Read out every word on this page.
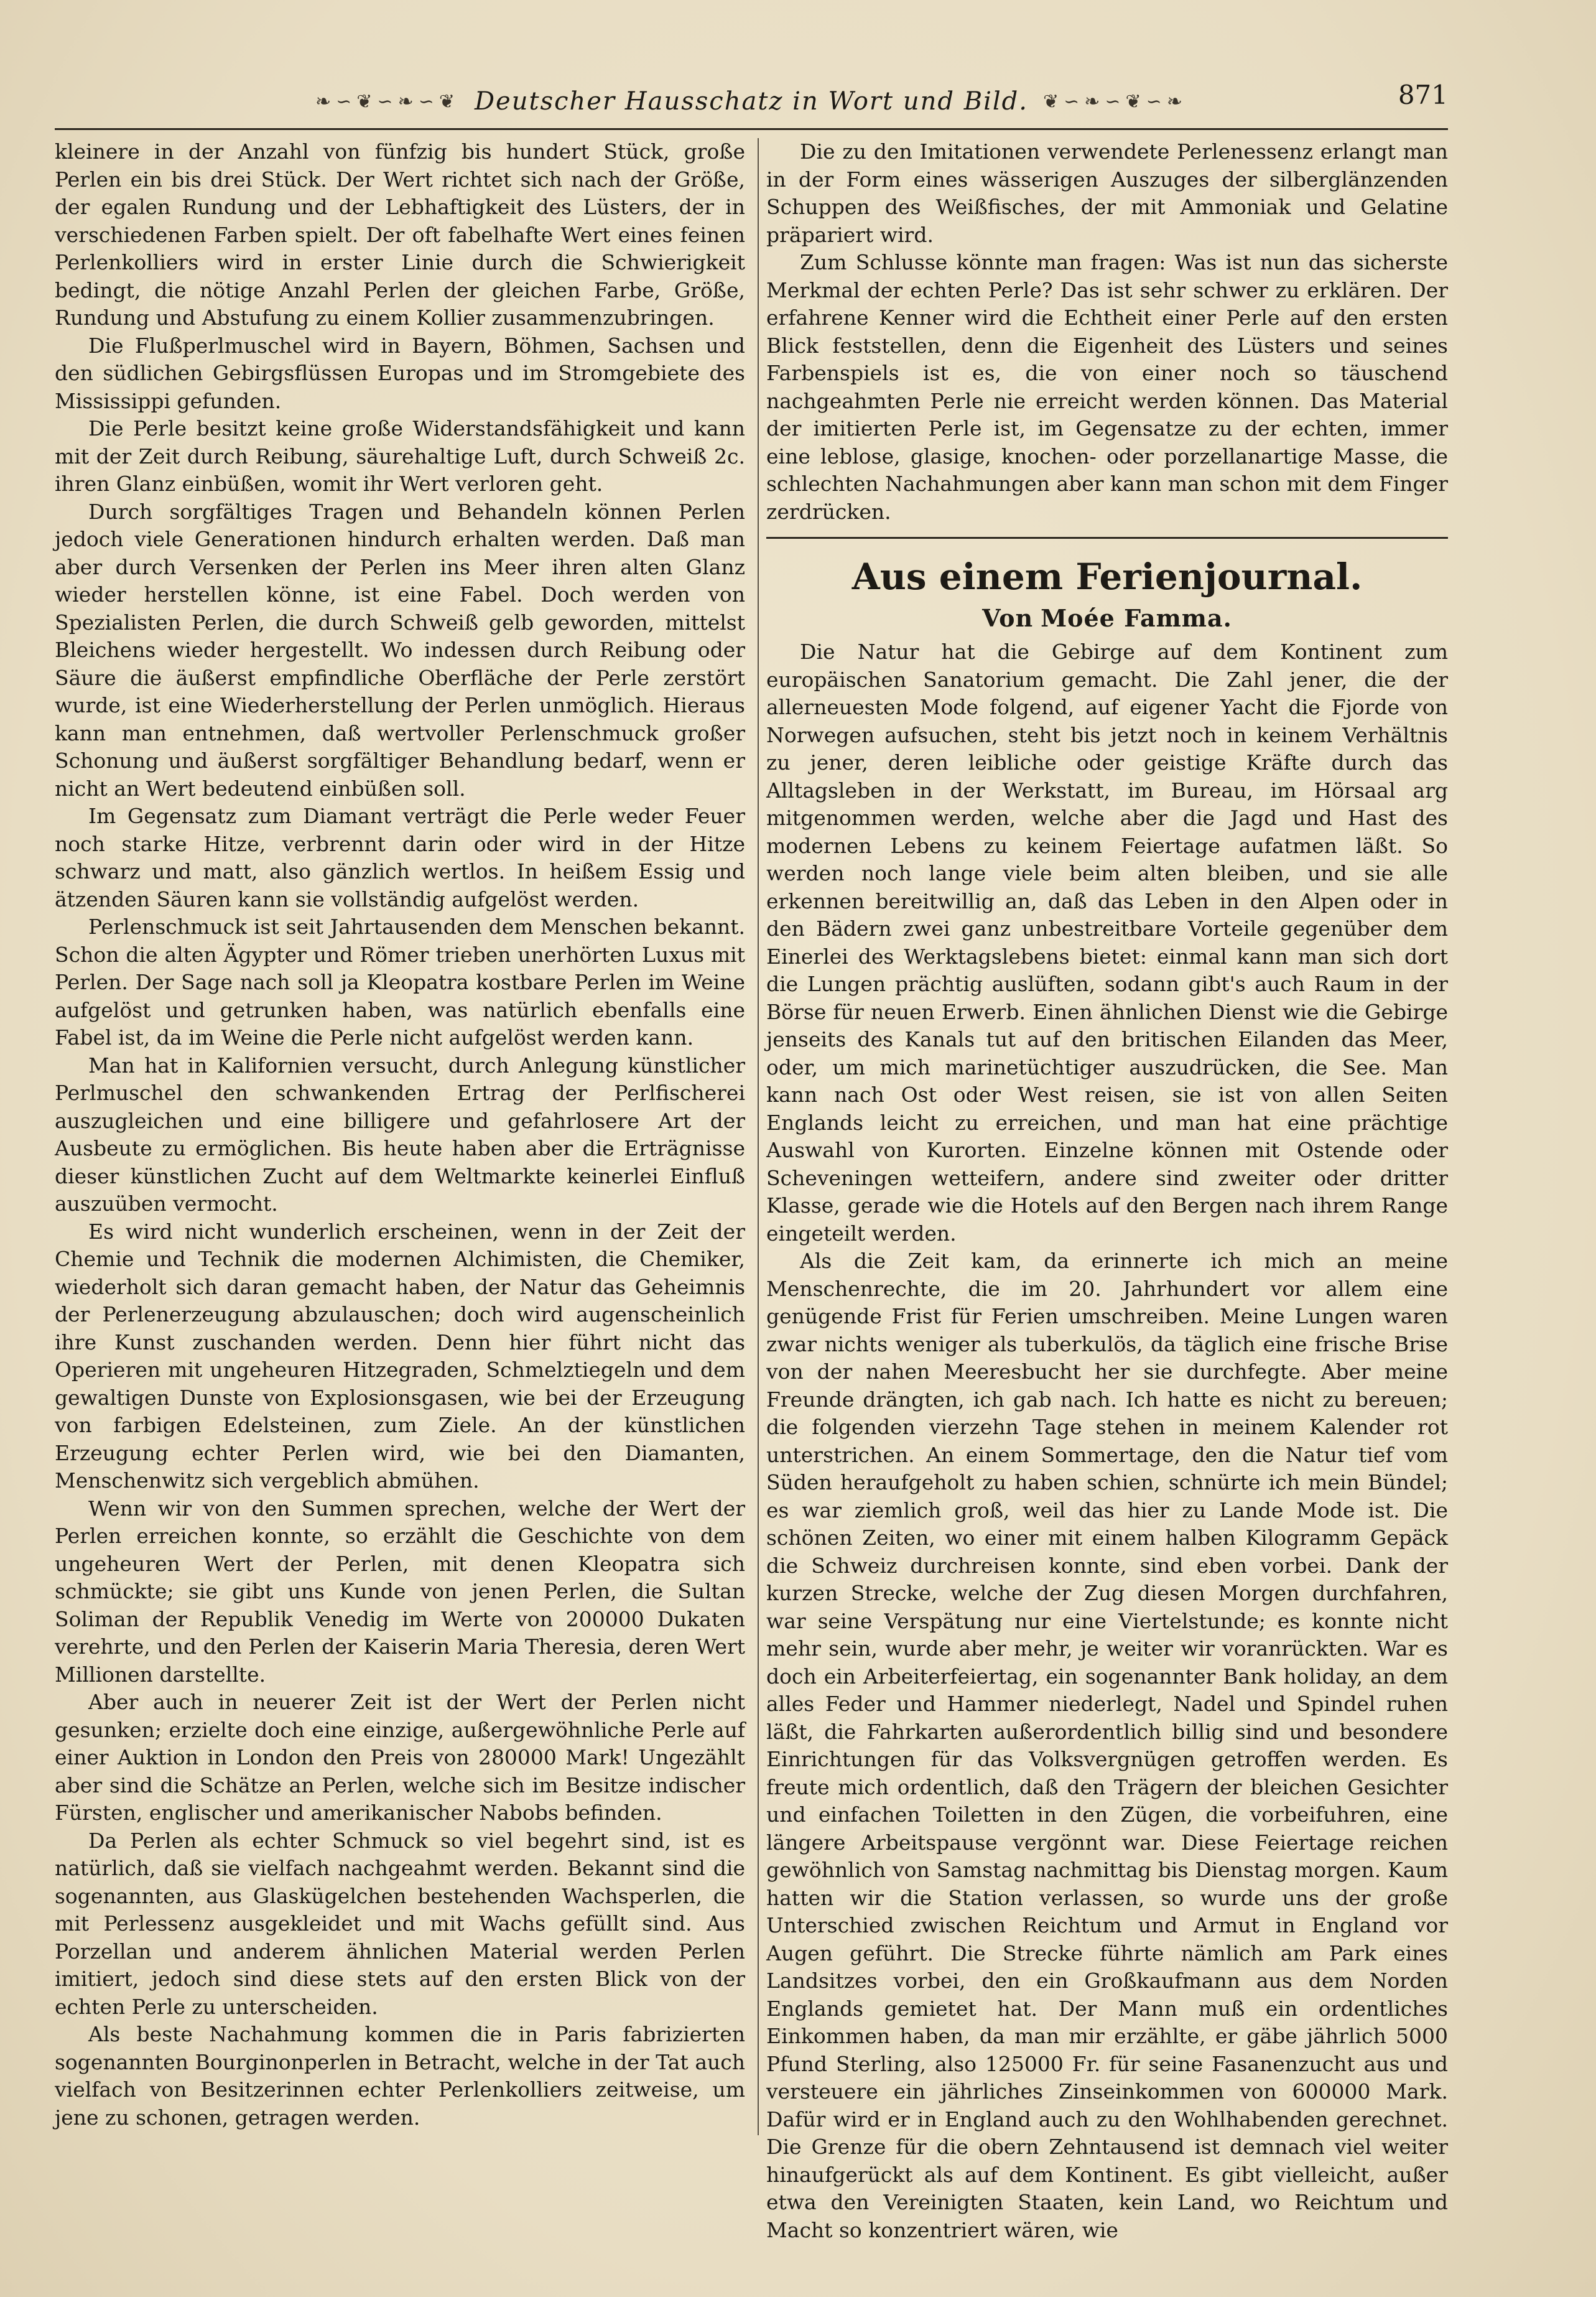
❧∽❦∽❧∽❦ Deutscher Hausschatz in Wort und Bild. ❦∽❧∽❦∽❧	871

kleinere in der Anzahl von fünfzig bis hundert Stück, große Perlen ein bis drei Stück. Der Wert richtet sich nach der Größe, der egalen Rundung und der Lebhaftigkeit des Lüsters, der in verschiedenen Farben spielt. Der oft fabelhafte Wert eines feinen Perlenkolliers wird in erster Linie durch die Schwierigkeit bedingt, die nötige Anzahl Perlen der gleichen Farbe, Größe, Rundung und Abstufung zu einem Kollier zusammenzubringen.

Die Flußperlmuschel wird in Bayern, Böhmen, Sachsen und den südlichen Gebirgsflüssen Europas und im Stromgebiete des Mississippi gefunden.

Die Perle besitzt keine große Widerstandsfähigkeit und kann mit der Zeit durch Reibung, säurehaltige Luft, durch Schweiß 2c. ihren Glanz einbüßen, womit ihr Wert verloren geht.

Durch sorgfältiges Tragen und Behandeln können Perlen jedoch viele Generationen hindurch erhalten werden. Daß man aber durch Versenken der Perlen ins Meer ihren alten Glanz wieder herstellen könne, ist eine Fabel. Doch werden von Spezialisten Perlen, die durch Schweiß gelb geworden, mittelst Bleichens wieder hergestellt. Wo indessen durch Reibung oder Säure die äußerst empfindliche Oberfläche der Perle zerstört wurde, ist eine Wiederherstellung der Perlen unmöglich. Hieraus kann man entnehmen, daß wertvoller Perlenschmuck großer Schonung und äußerst sorgfältiger Behandlung bedarf, wenn er nicht an Wert bedeutend einbüßen soll.

Im Gegensatz zum Diamant verträgt die Perle weder Feuer noch starke Hitze, verbrennt darin oder wird in der Hitze schwarz und matt, also gänzlich wertlos. In heißem Essig und ätzenden Säuren kann sie vollständig aufgelöst werden.

Perlenschmuck ist seit Jahrtausenden dem Menschen bekannt. Schon die alten Ägypter und Römer trieben unerhörten Luxus mit Perlen. Der Sage nach soll ja Kleopatra kostbare Perlen im Weine aufgelöst und getrunken haben, was natürlich ebenfalls eine Fabel ist, da im Weine die Perle nicht aufgelöst werden kann.

Man hat in Kalifornien versucht, durch Anlegung künstlicher Perlmuschel den schwankenden Ertrag der Perlfischerei auszugleichen und eine billigere und gefahrlosere Art der Ausbeute zu ermöglichen. Bis heute haben aber die Erträgnisse dieser künstlichen Zucht auf dem Weltmarkte keinerlei Einfluß auszuüben vermocht.

Es wird nicht wunderlich erscheinen, wenn in der Zeit der Chemie und Technik die modernen Alchimisten, die Chemiker, wiederholt sich daran gemacht haben, der Natur das Geheimnis der Perlenerzeugung abzulauschen; doch wird augenscheinlich ihre Kunst zuschanden werden. Denn hier führt nicht das Operieren mit ungeheuren Hitzegraden, Schmelztiegeln und dem gewaltigen Dunste von Explosionsgasen, wie bei der Erzeugung von farbigen Edelsteinen, zum Ziele. An der künstlichen Erzeugung echter Perlen wird, wie bei den Diamanten, Menschenwitz sich vergeblich abmühen.

Wenn wir von den Summen sprechen, welche der Wert der Perlen erreichen konnte, so erzählt die Geschichte von dem ungeheuren Wert der Perlen, mit denen Kleopatra sich schmückte; sie gibt uns Kunde von jenen Perlen, die Sultan Soliman der Republik Venedig im Werte von 200000 Dukaten verehrte, und den Perlen der Kaiserin Maria Theresia, deren Wert Millionen darstellte.

Aber auch in neuerer Zeit ist der Wert der Perlen nicht gesunken; erzielte doch eine einzige, außergewöhnliche Perle auf einer Auktion in London den Preis von 280000 Mark! Ungezählt aber sind die Schätze an Perlen, welche sich im Besitze indischer Fürsten, englischer und amerikanischer Nabobs befinden.

Da Perlen als echter Schmuck so viel begehrt sind, ist es natürlich, daß sie vielfach nachgeahmt werden. Bekannt sind die sogenannten, aus Glaskügelchen bestehenden Wachsperlen, die mit Perlessenz ausgekleidet und mit Wachs gefüllt sind. Aus Porzellan und anderem ähnlichen Material werden Perlen imitiert, jedoch sind diese stets auf den ersten Blick von der echten Perle zu unterscheiden.

Als beste Nachahmung kommen die in Paris fabrizierten sogenannten Bourginonperlen in Betracht, welche in der Tat auch vielfach von Besitzerinnen echter Perlenkolliers zeitweise, um jene zu schonen, getragen werden.

Die zu den Imitationen verwendete Perlenessenz erlangt man in der Form eines wässerigen Auszuges der silberglänzenden Schuppen des Weißfisches, der mit Ammoniak und Gelatine präpariert wird.

Zum Schlusse könnte man fragen: Was ist nun das sicherste Merkmal der echten Perle? Das ist sehr schwer zu erklären. Der erfahrene Kenner wird die Echtheit einer Perle auf den ersten Blick feststellen, denn die Eigenheit des Lüsters und seines Farbenspiels ist es, die von einer noch so täuschend nachgeahmten Perle nie erreicht werden können. Das Material der imitierten Perle ist, im Gegensatze zu der echten, immer eine leblose, glasige, knochen- oder porzellanartige Masse, die schlechten Nachahmungen aber kann man schon mit dem Finger zerdrücken.

Aus einem Ferienjournal.
Von Moée Famma.

Die Natur hat die Gebirge auf dem Kontinent zum europäischen Sanatorium gemacht. Die Zahl jener, die der allerneuesten Mode folgend, auf eigener Yacht die Fjorde von Norwegen aufsuchen, steht bis jetzt noch in keinem Verhältnis zu jener, deren leibliche oder geistige Kräfte durch das Alltagsleben in der Werkstatt, im Bureau, im Hörsaal arg mitgenommen werden, welche aber die Jagd und Hast des modernen Lebens zu keinem Feiertage aufatmen läßt. So werden noch lange viele beim alten bleiben, und sie alle erkennen bereitwillig an, daß das Leben in den Alpen oder in den Bädern zwei ganz unbestreitbare Vorteile gegenüber dem Einerlei des Werktagslebens bietet: einmal kann man sich dort die Lungen prächtig auslüften, sodann gibt's auch Raum in der Börse für neuen Erwerb. Einen ähnlichen Dienst wie die Gebirge jenseits des Kanals tut auf den britischen Eilanden das Meer, oder, um mich marinetüchtiger auszudrücken, die See. Man kann nach Ost oder West reisen, sie ist von allen Seiten Englands leicht zu erreichen, und man hat eine prächtige Auswahl von Kurorten. Einzelne können mit Ostende oder Scheveningen wetteifern, andere sind zweiter oder dritter Klasse, gerade wie die Hotels auf den Bergen nach ihrem Range eingeteilt werden.

Als die Zeit kam, da erinnerte ich mich an meine Menschenrechte, die im 20. Jahrhundert vor allem eine genügende Frist für Ferien umschreiben. Meine Lungen waren zwar nichts weniger als tuberkulös, da täglich eine frische Brise von der nahen Meeresbucht her sie durchfegte. Aber meine Freunde drängten, ich gab nach. Ich hatte es nicht zu bereuen; die folgenden vierzehn Tage stehen in meinem Kalender rot unterstrichen. An einem Sommertage, den die Natur tief vom Süden heraufgeholt zu haben schien, schnürte ich mein Bündel; es war ziemlich groß, weil das hier zu Lande Mode ist. Die schönen Zeiten, wo einer mit einem halben Kilogramm Gepäck die Schweiz durchreisen konnte, sind eben vorbei. Dank der kurzen Strecke, welche der Zug diesen Morgen durchfahren, war seine Verspätung nur eine Viertelstunde; es konnte nicht mehr sein, wurde aber mehr, je weiter wir voranrückten. War es doch ein Arbeiterfeiertag, ein sogenannter Bank holiday, an dem alles Feder und Hammer niederlegt, Nadel und Spindel ruhen läßt, die Fahrkarten außerordentlich billig sind und besondere Einrichtungen für das Volksvergnügen getroffen werden. Es freute mich ordentlich, daß den Trägern der bleichen Gesichter und einfachen Toiletten in den Zügen, die vorbeifuhren, eine längere Arbeitspause vergönnt war. Diese Feiertage reichen gewöhnlich von Samstag nachmittag bis Dienstag morgen. Kaum hatten wir die Station verlassen, so wurde uns der große Unterschied zwischen Reichtum und Armut in England vor Augen geführt. Die Strecke führte nämlich am Park eines Landsitzes vorbei, den ein Großkaufmann aus dem Norden Englands gemietet hat. Der Mann muß ein ordentliches Einkommen haben, da man mir erzählte, er gäbe jährlich 5000 Pfund Sterling, also 125000 Fr. für seine Fasanenzucht aus und versteuere ein jährliches Zinseinkommen von 600000 Mark. Dafür wird er in England auch zu den Wohlhabenden gerechnet. Die Grenze für die obern Zehntausend ist demnach viel weiter hinaufgerückt als auf dem Kontinent. Es gibt vielleicht, außer etwa den Vereinigten Staaten, kein Land, wo Reichtum und Macht so konzentriert wären, wie
